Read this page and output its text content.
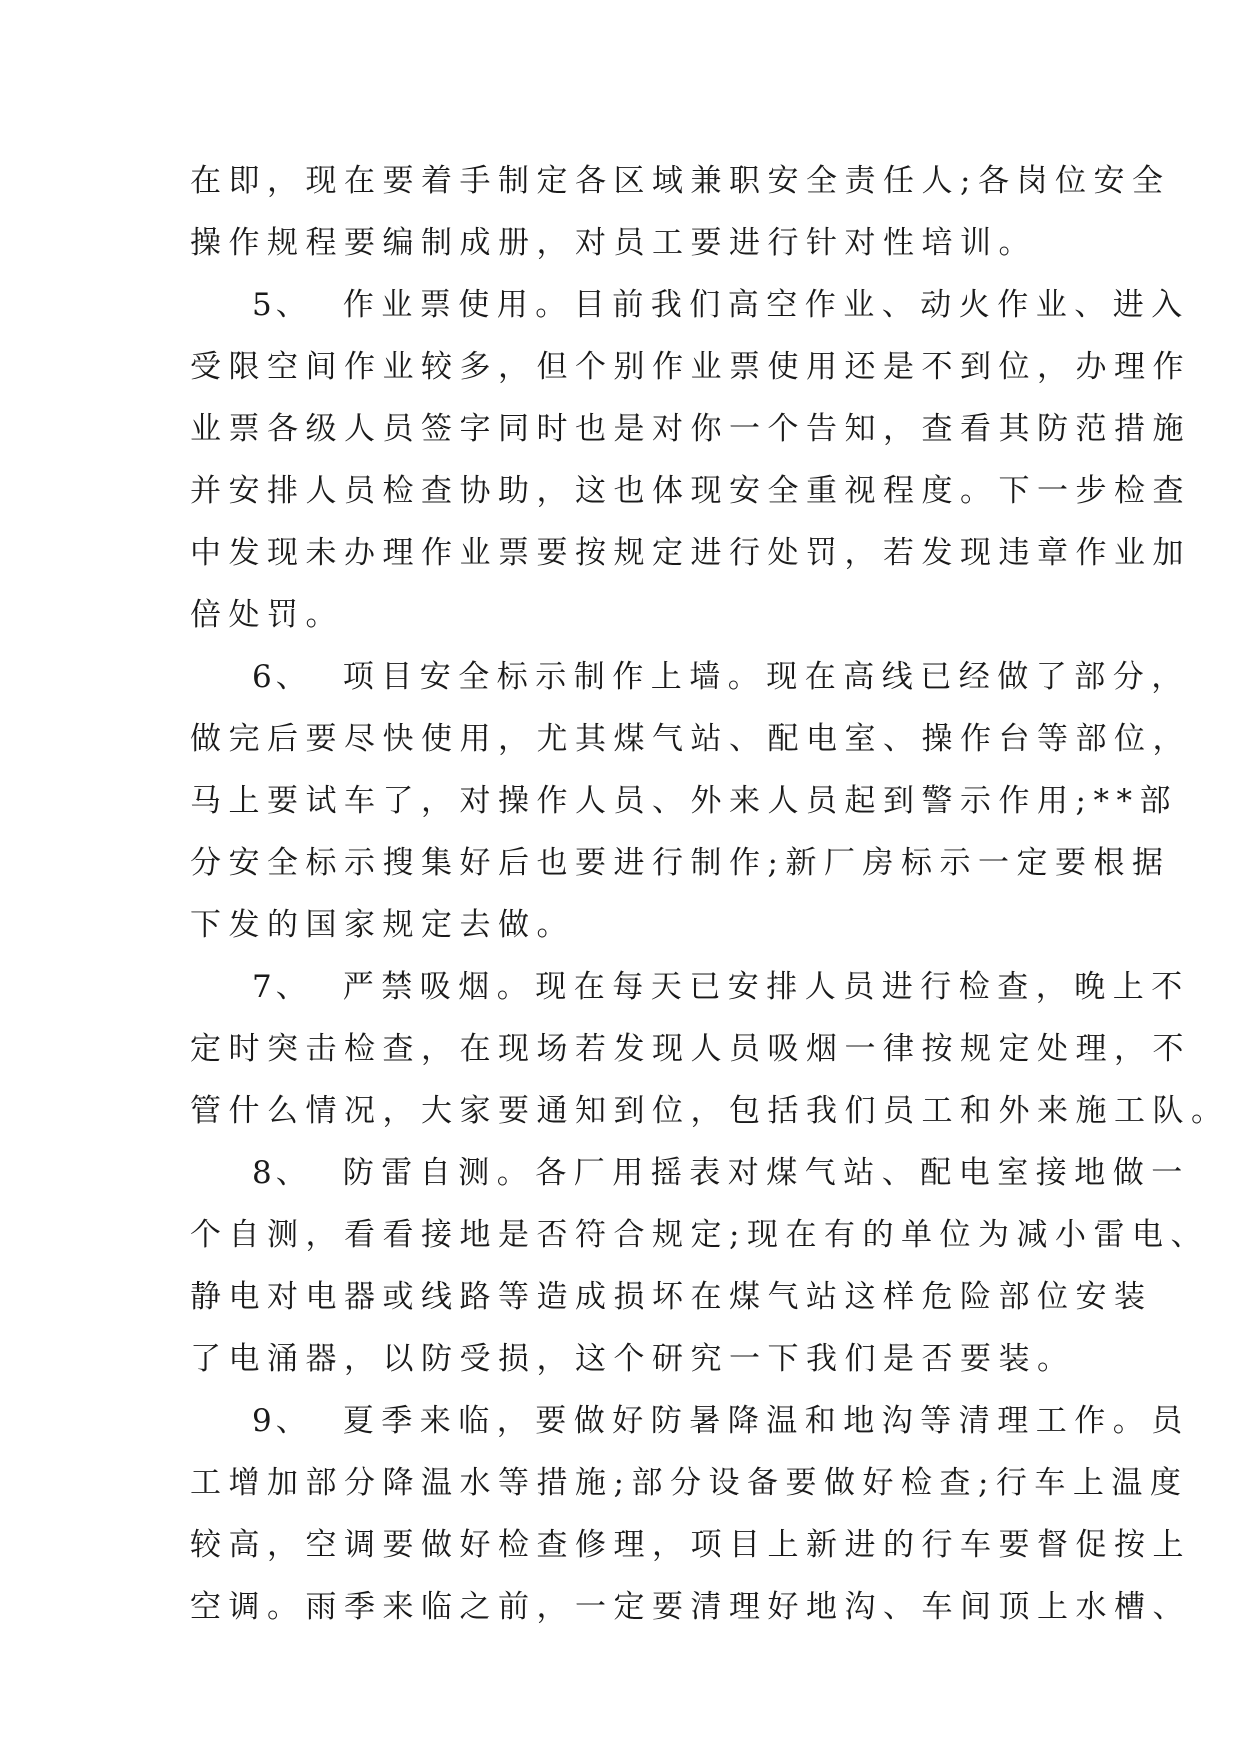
在即，现在要着手制定各区域兼职安全责任人;各岗位安全
操作规程要编制成册，对员工要进行针对性培训。
5、 作业票使用。目前我们高空作业、动火作业、进入
受限空间作业较多，但个别作业票使用还是不到位，办理作
业票各级人员签字同时也是对你一个告知，查看其防范措施
并安排人员检查协助，这也体现安全重视程度。下一步检查
中发现未办理作业票要按规定进行处罚，若发现违章作业加
倍处罚。
6、 项目安全标示制作上墙。现在高线已经做了部分，
做完后要尽快使用，尤其煤气站、配电室、操作台等部位，
马上要试车了，对操作人员、外来人员起到警示作用;**部
分安全标示搜集好后也要进行制作;新厂房标示一定要根据
下发的国家规定去做。
7、 严禁吸烟。现在每天已安排人员进行检查，晚上不
定时突击检查，在现场若发现人员吸烟一律按规定处理，不
管什么情况，大家要通知到位，包括我们员工和外来施工队。
8、 防雷自测。各厂用摇表对煤气站、配电室接地做一
个自测，看看接地是否符合规定;现在有的单位为减小雷电、
静电对电器或线路等造成损坏在煤气站这样危险部位安装
了电涌器，以防受损，这个研究一下我们是否要装。
9、 夏季来临，要做好防暑降温和地沟等清理工作。员
工增加部分降温水等措施;部分设备要做好检查;行车上温度
较高，空调要做好检查修理，项目上新进的行车要督促按上
空调。雨季来临之前，一定要清理好地沟、车间顶上水槽、
